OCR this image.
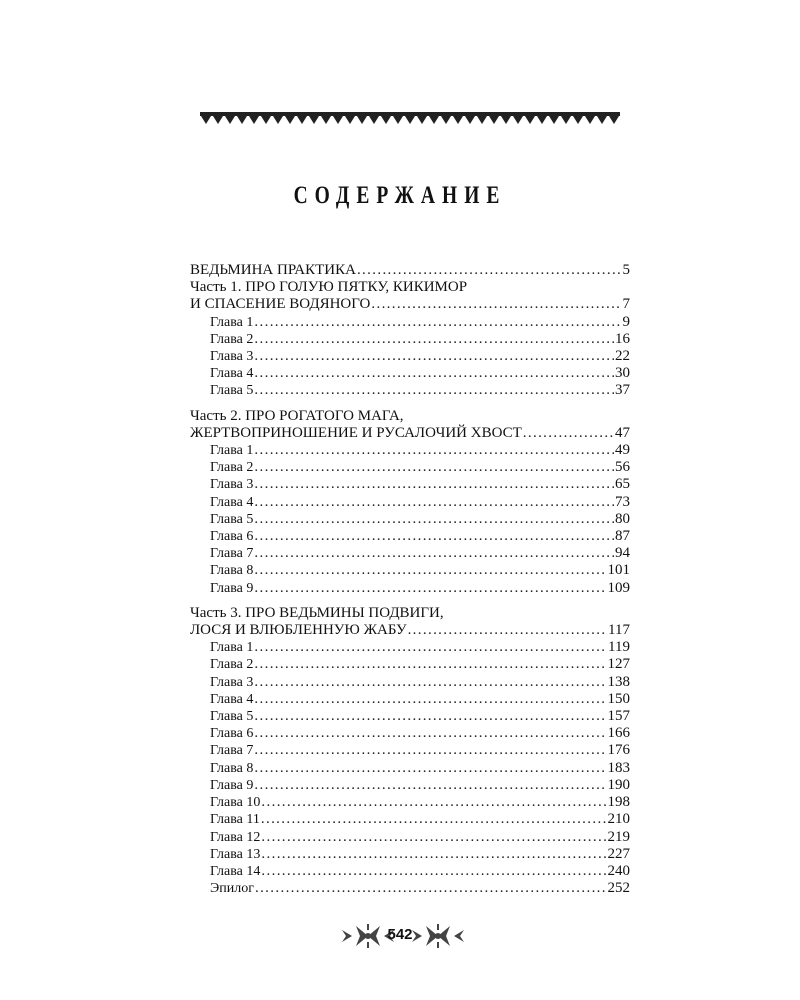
СОДЕРЖАНИЕ
ВЕДЬМИНА ПРАКТИКА . . .	5
Часть 1. ПРО ГОЛУЮ ПЯТКУ, КИКИМОР
И СПАСЕНИЕ ВОДЯНОГО . . .	7
Глава 1 . . .	9
Глава 2 . . .	16
Глава 3 . . .	22
Глава 4 . . .	30
Глава 5 . . .	37
Часть 2. ПРО РОГАТОГО МАГА,
ЖЕРТВОПРИНОШЕНИЕ И РУСАЛОЧИЙ ХВОСТ . . .	47
Глава 1 . . .	49
Глава 2 . . .	56
Глава 3 . . .	65
Глава 4 . . .	73
Глава 5 . . .	80
Глава 6 . . .	87
Глава 7 . . .	94
Глава 8 . . .	101
Глава 9 . . .	109
Часть 3. ПРО ВЕДЬМИНЫ ПОДВИГИ,
ЛОСЯ И ВЛЮБЛЕННУЮ ЖАБУ . . .	117
Глава 1 . . .	119
Глава 2 . . .	127
Глава 3 . . .	138
Глава 4 . . .	150
Глава 5 . . .	157
Глава 6 . . .	166
Глава 7 . . .	176
Глава 8 . . .	183
Глава 9 . . .	190
Глава 10 . . .	198
Глава 11 . . .	210
Глава 12 . . .	219
Глава 13 . . .	227
Глава 14 . . .	240
Эпилог . . .	252
542
